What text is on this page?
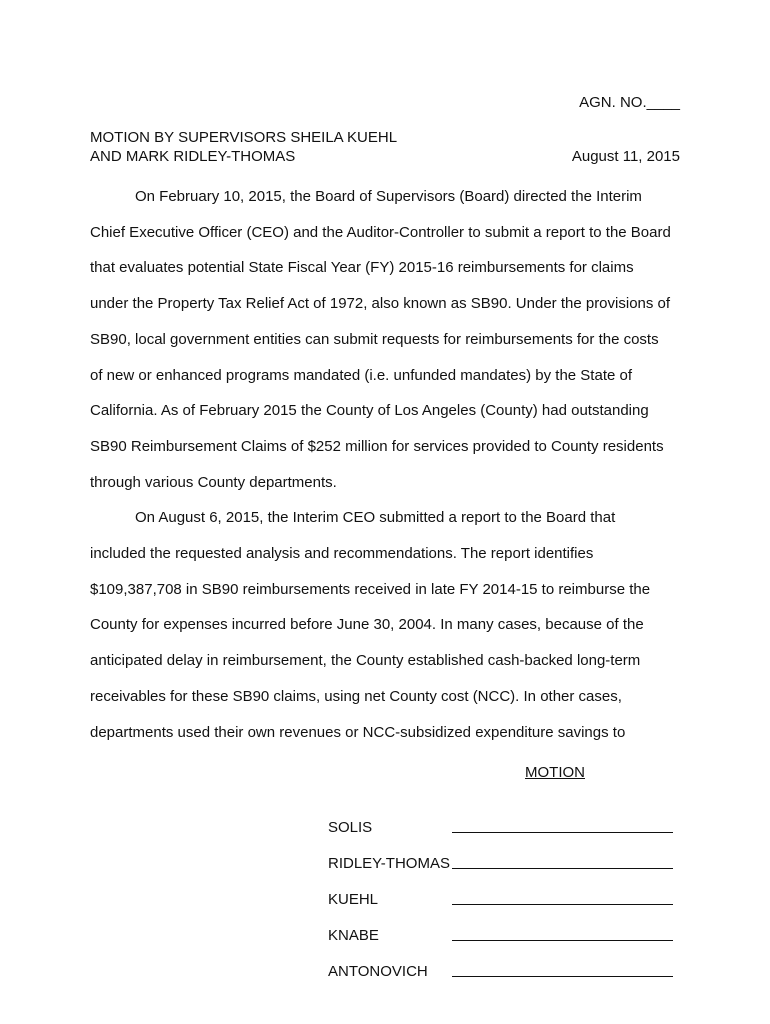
AGN. NO.____
MOTION BY SUPERVISORS SHEILA KUEHL
AND MARK RIDLEY-THOMAS	August 11, 2015
On February 10, 2015, the Board of Supervisors (Board) directed the Interim
Chief Executive Officer (CEO) and the Auditor-Controller to submit a report to the Board
that evaluates potential State Fiscal Year (FY) 2015-16 reimbursements for claims
under the Property Tax Relief Act of 1972, also known as SB90. Under the provisions of
SB90, local government entities can submit requests for reimbursements for the costs
of new or enhanced programs mandated (i.e. unfunded mandates) by the State of
California. As of February 2015 the County of Los Angeles (County) had outstanding
SB90 Reimbursement Claims of $252 million for services provided to County residents
through various County departments.
On August 6, 2015, the Interim CEO submitted a report to the Board that
included the requested analysis and recommendations. The report identifies
$109,387,708 in SB90 reimbursements received in late FY 2014-15 to reimburse the
County for expenses incurred before June 30, 2004. In many cases, because of the
anticipated delay in reimbursement, the County established cash-backed long-term
receivables for these SB90 claims, using net County cost (NCC). In other cases,
departments used their own revenues or NCC-subsidized expenditure savings to
MOTION
SOLIS
RIDLEY-THOMAS
KUEHL
KNABE
ANTONOVICH
